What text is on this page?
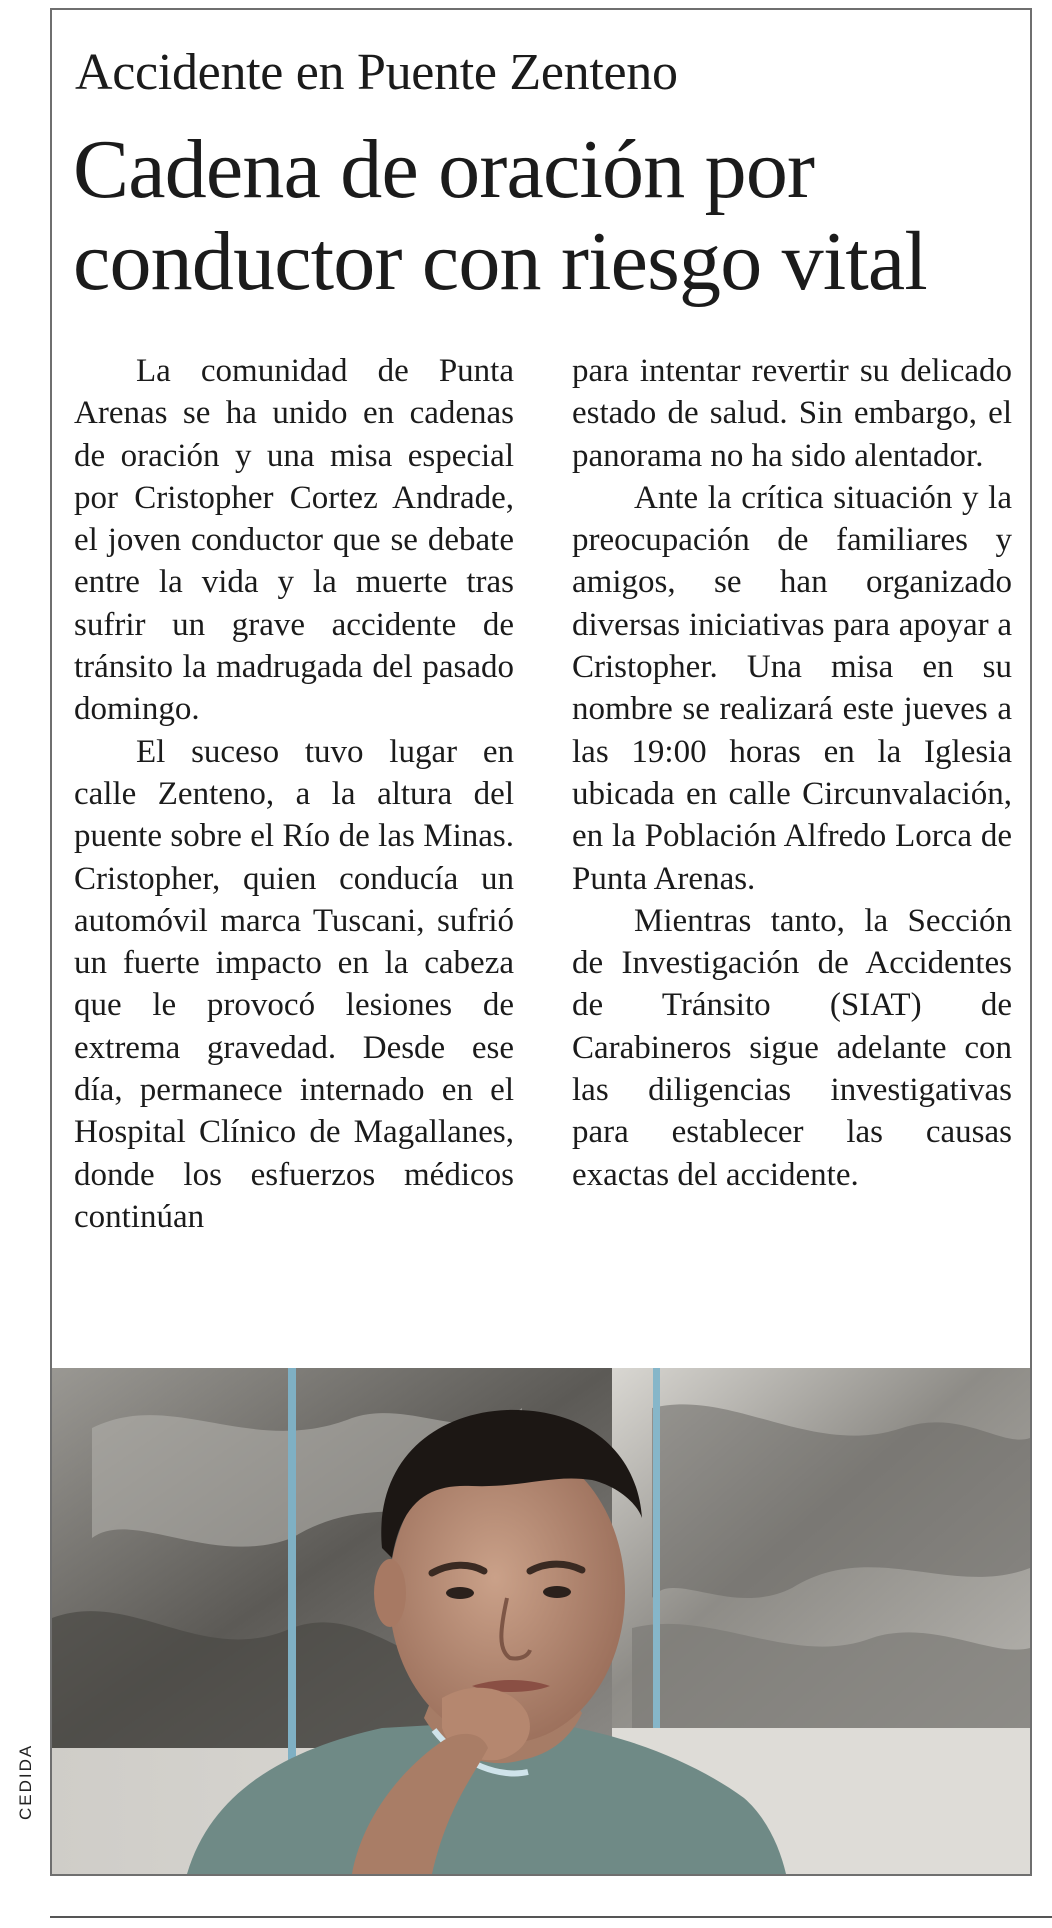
Accidente en Puente Zenteno
Cadena de oración por
conductor con riesgo vital

La comunidad de Punta Arenas se ha unido en cadenas de oración y una misa especial por Cristopher Cortez Andrade, el joven conductor que se debate entre la vida y la muerte tras sufrir un grave accidente de tránsito la madrugada del pasado domingo.

El suceso tuvo lugar en calle Zenteno, a la altura del puente sobre el Río de las Minas. Cristopher, quien conducía un automóvil marca Tuscani, sufrió un fuerte impacto en la cabeza que le provocó lesiones de extrema gravedad. Desde ese día, permanece internado en el Hospital Clínico de Magallanes, donde los esfuerzos médicos continúan

para intentar revertir su delicado estado de salud. Sin embargo, el panorama no ha sido alentador.

Ante la crítica situación y la preocupación de familiares y amigos, se han organizado diversas iniciativas para apoyar a Cristopher. Una misa en su nombre se realizará este jueves a las 19:00 horas en la Iglesia ubicada en calle Circunvalación, en la Población Alfredo Lorca de Punta Arenas.

Mientras tanto, la Sección de Investigación de Accidentes de Tránsito (SIAT) de Carabineros sigue adelante con las diligencias investigativas para establecer las causas exactas del accidente.

CEDIDA
